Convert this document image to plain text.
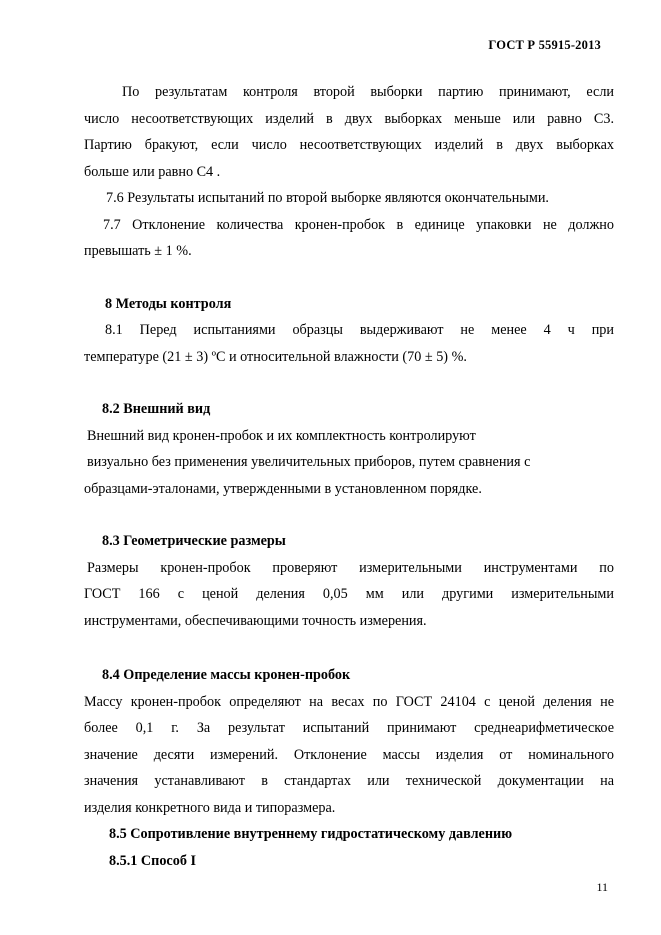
ГОСТ Р 55915-2013
По результатам контроля второй выборки партию принимают, если
число несоответствующих изделий в двух выборках меньше или равно С3.
Партию бракуют, если число несоответствующих изделий в двух выборках
больше или равно С4 .
7.6 Результаты испытаний по второй выборке являются окончательными.
7.7 Отклонение количества кронен-пробок в единице упаковки не должно
превышать ± 1 %.
8 Методы контроля
8.1 Перед испытаниями образцы выдерживают не менее 4 ч при
температуре (21 ± 3) ºС и относительной влажности (70 ± 5) %.
8.2 Внешний вид
Внешний вид кронен-пробок и их комплектность контролируют
визуально без применения увеличительных приборов, путем сравнения с
образцами-эталонами, утвержденными в установленном порядке.
8.3 Геометрические размеры
Размеры кронен-пробок проверяют измерительными инструментами по
ГОСТ 166 с ценой деления 0,05 мм или другими измерительными
инструментами, обеспечивающими точность измерения.
8.4 Определение массы кронен-пробок
Массу кронен-пробок определяют на весах по ГОСТ 24104 с ценой деления не
более 0,1 г. За результат испытаний принимают среднеарифметическое
значение десяти измерений. Отклонение массы изделия от номинального
значения устанавливают в стандартах или технической документации на
изделия конкретного вида и типоразмера.
8.5 Сопротивление внутреннему гидростатическому давлению
8.5.1 Способ I
11
